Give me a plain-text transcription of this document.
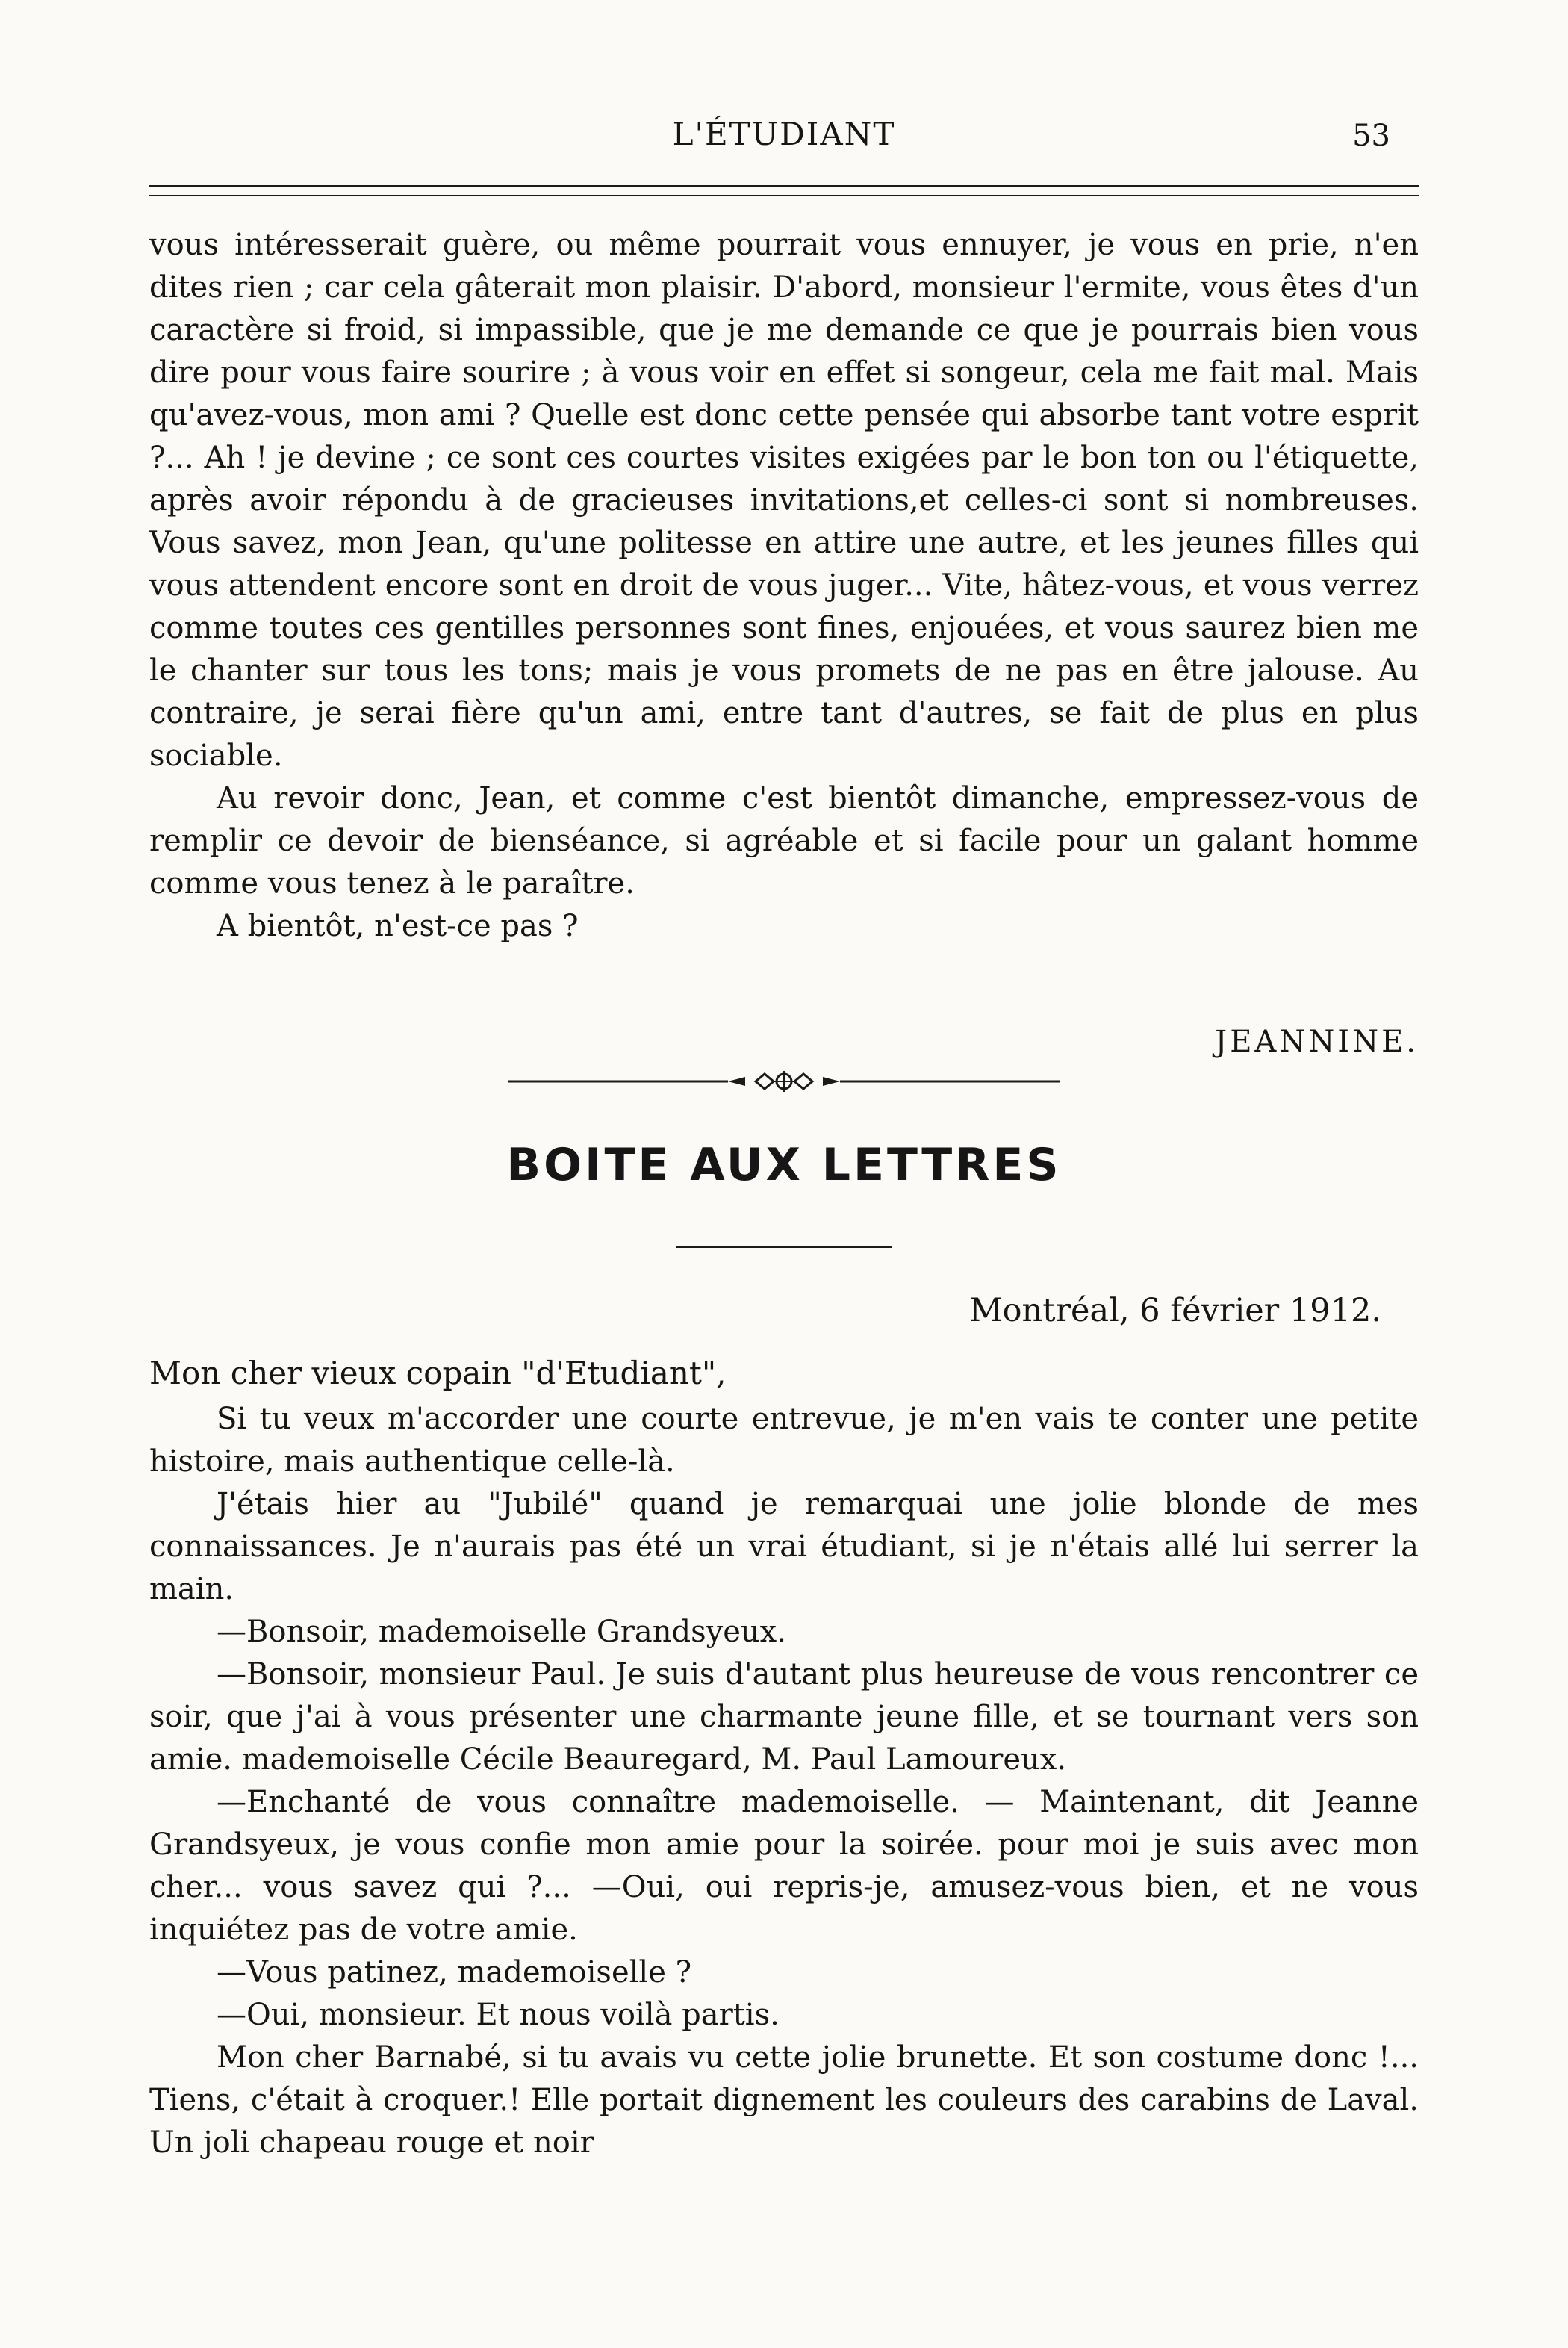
L'ÉTUDIANT	53

vous intéresserait guère, ou même pourrait vous ennuyer, je vous en prie, n'en dites rien ; car cela gâterait mon plaisir. D'abord, monsieur l'ermite, vous êtes d'un caractère si froid, si impassible, que je me demande ce que je pourrais bien vous dire pour vous faire sourire ; à vous voir en effet si songeur, cela me fait mal. Mais qu'avez-vous, mon ami ? Quelle est donc cette pensée qui absorbe tant votre esprit ?... Ah ! je devine ; ce sont ces courtes visites exigées par le bon ton ou l'étiquette, après avoir répondu à de gracieuses invitations,et celles-ci sont si nombreuses. Vous savez, mon Jean, qu'une politesse en attire une autre, et les jeunes filles qui vous attendent encore sont en droit de vous juger... Vite, hâtez-vous, et vous verrez comme toutes ces gentilles personnes sont fines, enjouées, et vous saurez bien me le chanter sur tous les tons; mais je vous promets de ne pas en être jalouse. Au contraire, je serai fière qu'un ami, entre tant d'autres, se fait de plus en plus sociable.

Au revoir donc, Jean, et comme c'est bientôt dimanche, empressez-vous de remplir ce devoir de bienséance, si agréable et si facile pour un galant homme comme vous tenez à le paraître.

A bientôt, n'est-ce pas ?

JEANNINE.
BOITE AUX LETTRES
Montréal, 6 février 1912.
Mon cher vieux copain "d'Etudiant",

Si tu veux m'accorder une courte entrevue, je m'en vais te conter une petite histoire, mais authentique celle-là.

J'étais hier au "Jubilé" quand je remarquai une jolie blonde de mes connaissances. Je n'aurais pas été un vrai étudiant, si je n'étais allé lui serrer la main.

—Bonsoir, mademoiselle Grandsyeux.

—Bonsoir, monsieur Paul. Je suis d'autant plus heureuse de vous rencontrer ce soir, que j'ai à vous présenter une charmante jeune fille, et se tournant vers son amie. mademoiselle Cécile Beauregard, M. Paul Lamoureux.

—Enchanté de vous connaître mademoiselle. — Maintenant, dit Jeanne Grandsyeux, je vous confie mon amie pour la soirée. pour moi je suis avec mon cher... vous savez qui ?... —Oui, oui repris-je, amusez-vous bien, et ne vous inquiétez pas de votre amie.

—Vous patinez, mademoiselle ?

—Oui, monsieur. Et nous voilà partis.

Mon cher Barnabé, si tu avais vu cette jolie brunette. Et son costume donc !... Tiens, c'était à croquer.! Elle portait dignement les couleurs des carabins de Laval. Un joli chapeau rouge et noir
